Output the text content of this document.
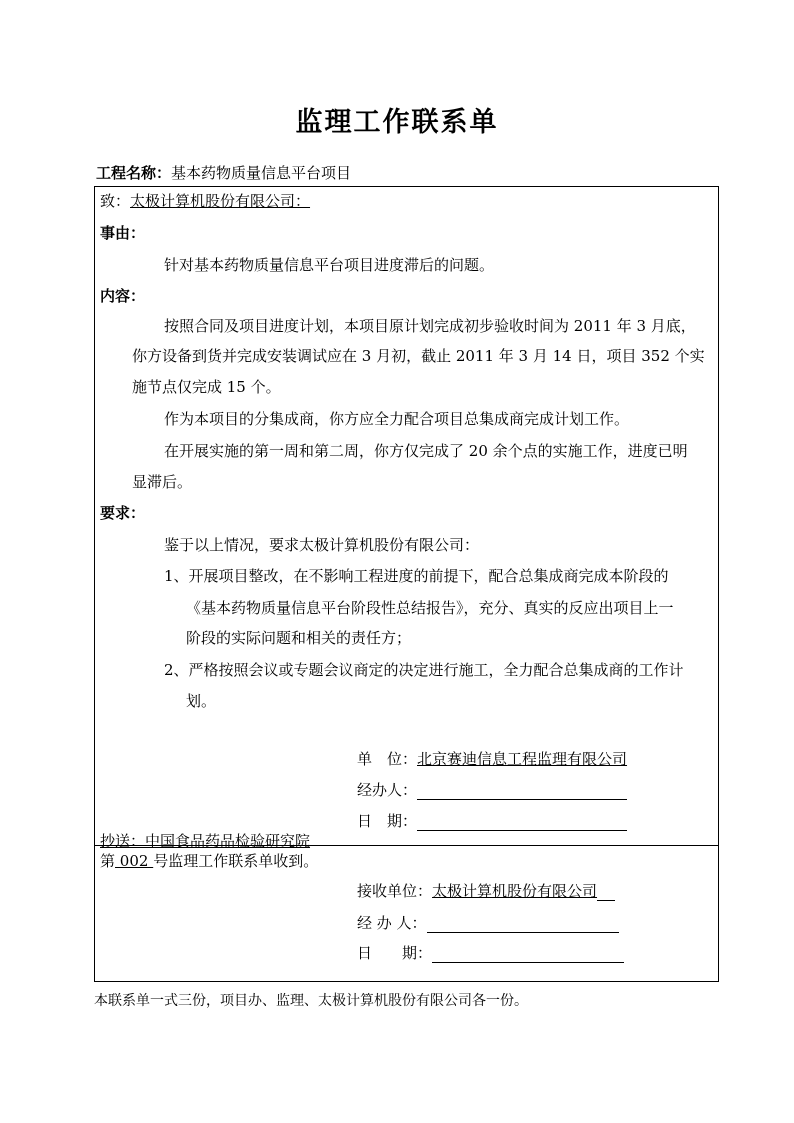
监理工作联系单
工程名称：基本药物质量信息平台项目
致：太极计算机股份有限公司：
事由：
针对基本药物质量信息平台项目进度滞后的问题。
内容：
按照合同及项目进度计划，本项目原计划完成初步验收时间为 2011 年 3 月底，
你方设备到货并完成安装调试应在 3 月初，截止 2011 年 3 月 14 日，项目 352 个实
施节点仅完成 15 个。
作为本项目的分集成商，你方应全力配合项目总集成商完成计划工作。
在开展实施的第一周和第二周，你方仅完成了 20 余个点的实施工作，进度已明
显滞后。
要求：
鉴于以上情况，要求太极计算机股份有限公司：
1、开展项目整改，在不影响工程进度的前提下，配合总集成商完成本阶段的
《基本药物质量信息平台阶段性总结报告》，充分、真实的反应出项目上一
阶段的实际问题和相关的责任方；
2、严格按照会议或专题会议商定的决定进行施工，全力配合总集成商的工作计
划。
单　位：北京赛迪信息工程监理有限公司
经办人：
日　期：
抄送：中国食品药品检验研究院
第 002 号监理工作联系单收到。
接收单位：太极计算机股份有限公司
经 办 人：
日　　期：
本联系单一式三份，项目办、监理、太极计算机股份有限公司各一份。
